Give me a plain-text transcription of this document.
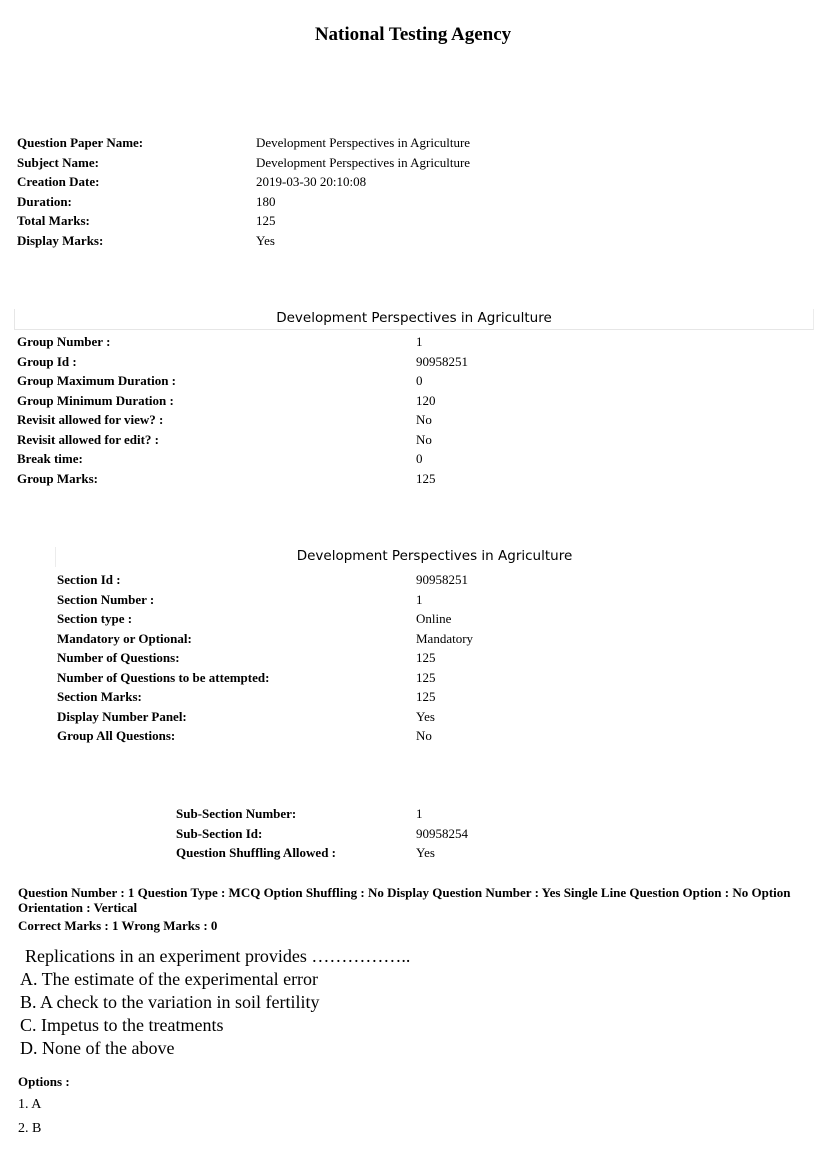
National Testing Agency
Question Paper Name:	Development Perspectives in Agriculture
Subject Name:	Development Perspectives in Agriculture
Creation Date:	2019-03-30 20:10:08
Duration:	180
Total Marks:	125
Display Marks:	Yes
Development Perspectives in Agriculture
Group Number :	1
Group Id :	90958251
Group Maximum Duration :	0
Group Minimum Duration :	120
Revisit allowed for view? :	No
Revisit allowed for edit? :	No
Break time:	0
Group Marks:	125
Development Perspectives in Agriculture
Section Id :	90958251
Section Number :	1
Section type :	Online
Mandatory or Optional:	Mandatory
Number of Questions:	125
Number of Questions to be attempted:	125
Section Marks:	125
Display Number Panel:	Yes
Group All Questions:	No
Sub-Section Number:	1
Sub-Section Id:	90958254
Question Shuffling Allowed :	Yes
Question Number : 1 Question Type : MCQ Option Shuffling : No Display Question Number : Yes Single Line Question Option : No Option Orientation : Vertical
Correct Marks : 1 Wrong Marks : 0
Replications in an experiment provides ……………..
A. The estimate of the experimental error
B. A check to the variation in soil fertility
C. Impetus to the treatments
D. None of the above
Options :
1. A
2. B
